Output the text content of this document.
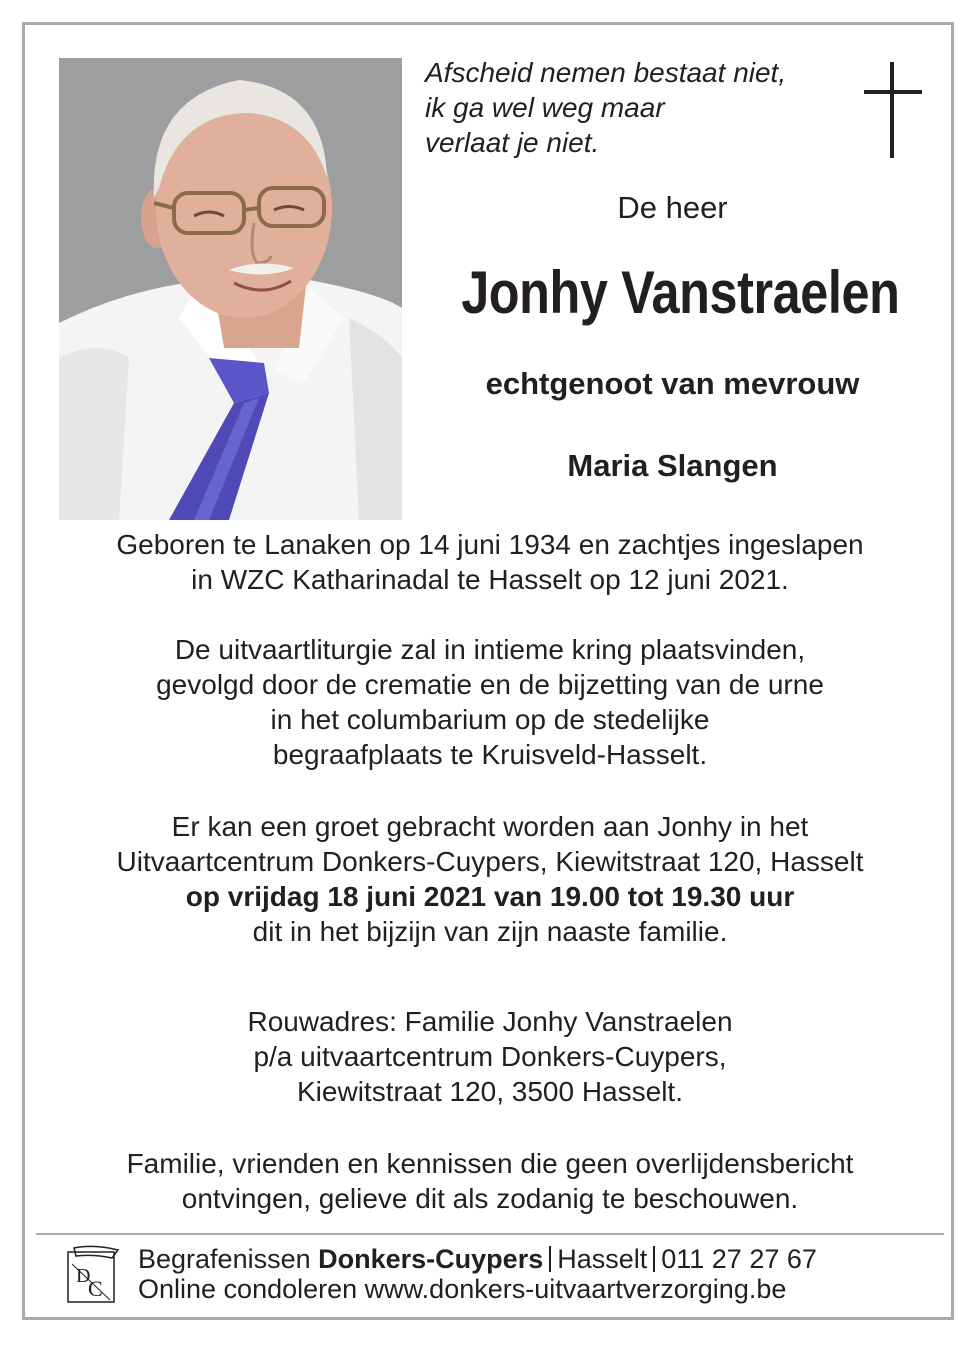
Afscheid nemen bestaat niet,
ik ga wel weg maar
verlaat je niet.
De heer
Jonhy Vanstraelen
echtgenoot van mevrouw
Maria Slangen
Geboren te Lanaken op 14 juni 1934 en zachtjes ingeslapen
in WZC Katharinadal te Hasselt op 12 juni 2021.
De uitvaartliturgie zal in intieme kring plaatsvinden,
gevolgd door de crematie en de bijzetting van de urne
in het columbarium op de stedelijke
begraafplaats te Kruisveld-Hasselt.
Er kan een groet gebracht worden aan Jonhy in het
Uitvaartcentrum Donkers-Cuypers, Kiewitstraat 120, Hasselt
op vrijdag 18 juni 2021 van 19.00 tot 19.30 uur
dit in het bijzijn van zijn naaste familie.
Rouwadres: Familie Jonhy Vanstraelen
p/a uitvaartcentrum Donkers-Cuypers,
Kiewitstraat 120, 3500 Hasselt.
Familie, vrienden en kennissen die geen overlijdensbericht
ontvingen, gelieve dit als zodanig te beschouwen.
D
C
Begrafenissen Donkers-Cuypers Hasselt 011 27 27 67
Online condoleren www.donkers-uitvaartverzorging.be
